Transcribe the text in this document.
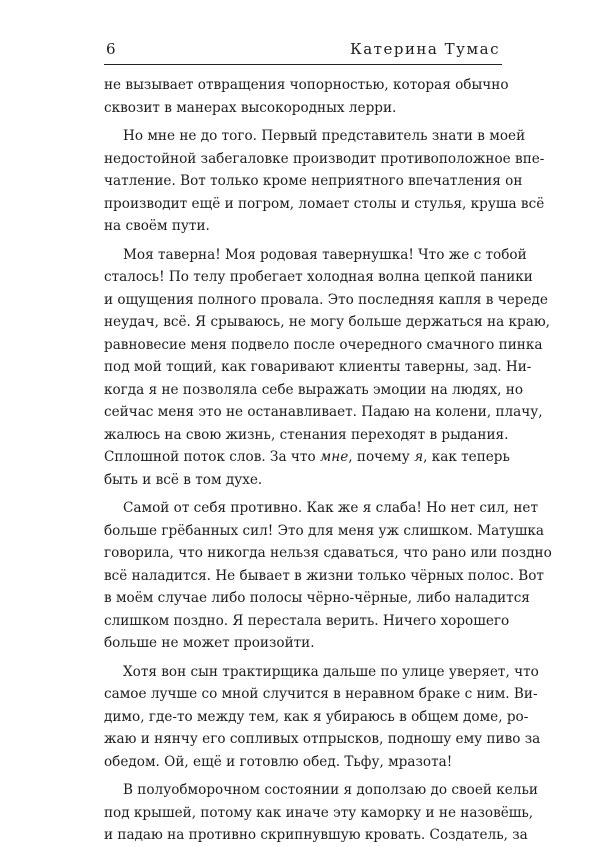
6	Катерина Тумас
не вызывает отвращения чопорностью, которая обычно
сквозит в манерах высокородных лерри.
Но мне не до того. Первый представитель знати в моей
недостойной забегаловке производит противоположное впе-
чатление. Вот только кроме неприятного впечатления он
производит ещё и погром, ломает столы и стулья, круша всё
на своём пути.
Моя таверна! Моя родовая тавернушка! Что же с тобой
сталось! По телу пробегает холодная волна цепкой паники
и ощущения полного провала. Это последняя капля в череде
неудач, всё. Я срываюсь, не могу больше держаться на краю,
равновесие меня подвело после очередного смачного пинка
под мой тощий, как говаривают клиенты таверны, зад. Ни-
когда я не позволяла себе выражать эмоции на людях, но
сейчас меня это не останавливает. Падаю на колени, плачу,
жалюсь на свою жизнь, стенания переходят в рыдания.
Сплошной поток слов. За что мне, почему я, как теперь
быть и всё в том духе.
Самой от себя противно. Как же я слаба! Но нет сил, нет
больше грёбанных сил! Это для меня уж слишком. Матушка
говорила, что никогда нельзя сдаваться, что рано или поздно
всё наладится. Не бывает в жизни только чёрных полос. Вот
в моём случае либо полосы чёрно-чёрные, либо наладится
слишком поздно. Я перестала верить. Ничего хорошего
больше не может произойти.
Хотя вон сын трактирщика дальше по улице уверяет, что
самое лучше со мной случится в неравном браке с ним. Ви-
димо, где-то между тем, как я убираюсь в общем доме, ро-
жаю и нянчу его сопливых отпрысков, подношу ему пиво за
обедом. Ой, ещё и готовлю обед. Тьфу, мразота!
В полуобморочном состоянии я доползаю до своей кельи
под крышей, потому как иначе эту каморку и не назовёшь,
и падаю на противно скрипнувшую кровать. Создатель, за
